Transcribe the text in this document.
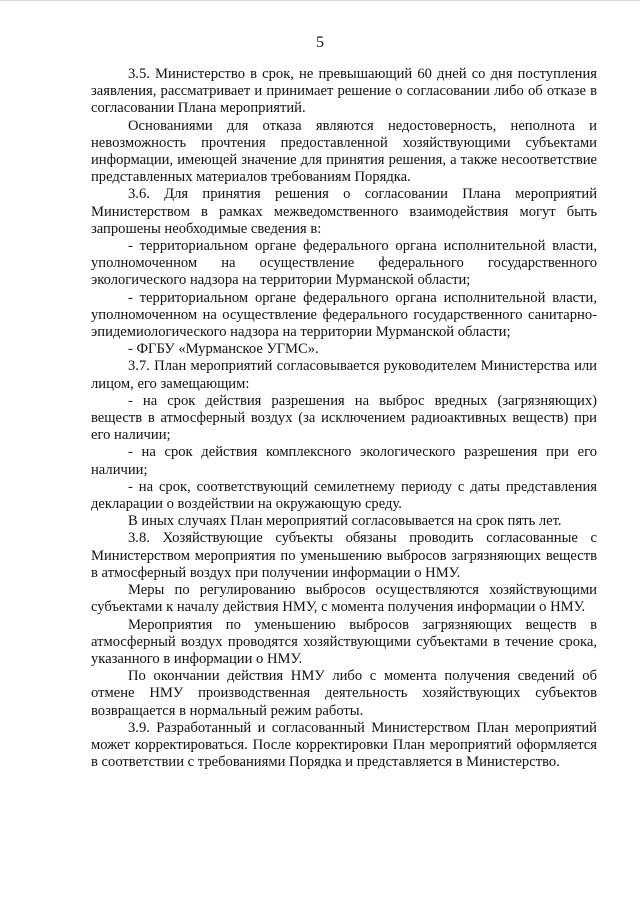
5

3.5. Министерство в срок, не превышающий 60 дней со дня поступления заявления, рассматривает и принимает решение о согласовании либо об отказе в согласовании Плана мероприятий.

Основаниями для отказа являются недостоверность, неполнота и невозможность прочтения предоставленной хозяйствующими субъектами информации, имеющей значение для принятия решения, а также несоответствие представленных материалов требованиям Порядка.

3.6. Для принятия решения о согласовании Плана мероприятий Министерством в рамках межведомственного взаимодействия могут быть запрошены необходимые сведения в:

- территориальном органе федерального органа исполнительной власти, уполномоченном на осуществление федерального государственного экологического надзора на территории Мурманской области;

- территориальном органе федерального органа исполнительной власти, уполномоченном на осуществление федерального государственного санитарно-эпидемиологического надзора на территории Мурманской области;

- ФГБУ «Мурманское УГМС».

3.7. План мероприятий согласовывается руководителем Министерства или лицом, его замещающим:

- на срок действия разрешения на выброс вредных (загрязняющих) веществ в атмосферный воздух (за исключением радиоактивных веществ) при его наличии;

- на срок действия комплексного экологического разрешения при его наличии;

- на срок, соответствующий семилетнему периоду с даты представления декларации о воздействии на окружающую среду.

В иных случаях План мероприятий согласовывается на срок пять лет.

3.8. Хозяйствующие субъекты обязаны проводить согласованные с Министерством мероприятия по уменьшению выбросов загрязняющих веществ в атмосферный воздух при получении информации о НМУ.

Меры по регулированию выбросов осуществляются хозяйствующими субъектами к началу действия НМУ, с момента получения информации о НМУ.

Мероприятия по уменьшению выбросов загрязняющих веществ в атмосферный воздух проводятся хозяйствующими субъектами в течение срока, указанного в информации о НМУ.

По окончании действия НМУ либо с момента получения сведений об отмене НМУ производственная деятельность хозяйствующих субъектов возвращается в нормальный режим работы.

3.9. Разработанный и согласованный Министерством План мероприятий может корректироваться. После корректировки План мероприятий оформляется в соответствии с требованиями Порядка и представляется в Министерство.
